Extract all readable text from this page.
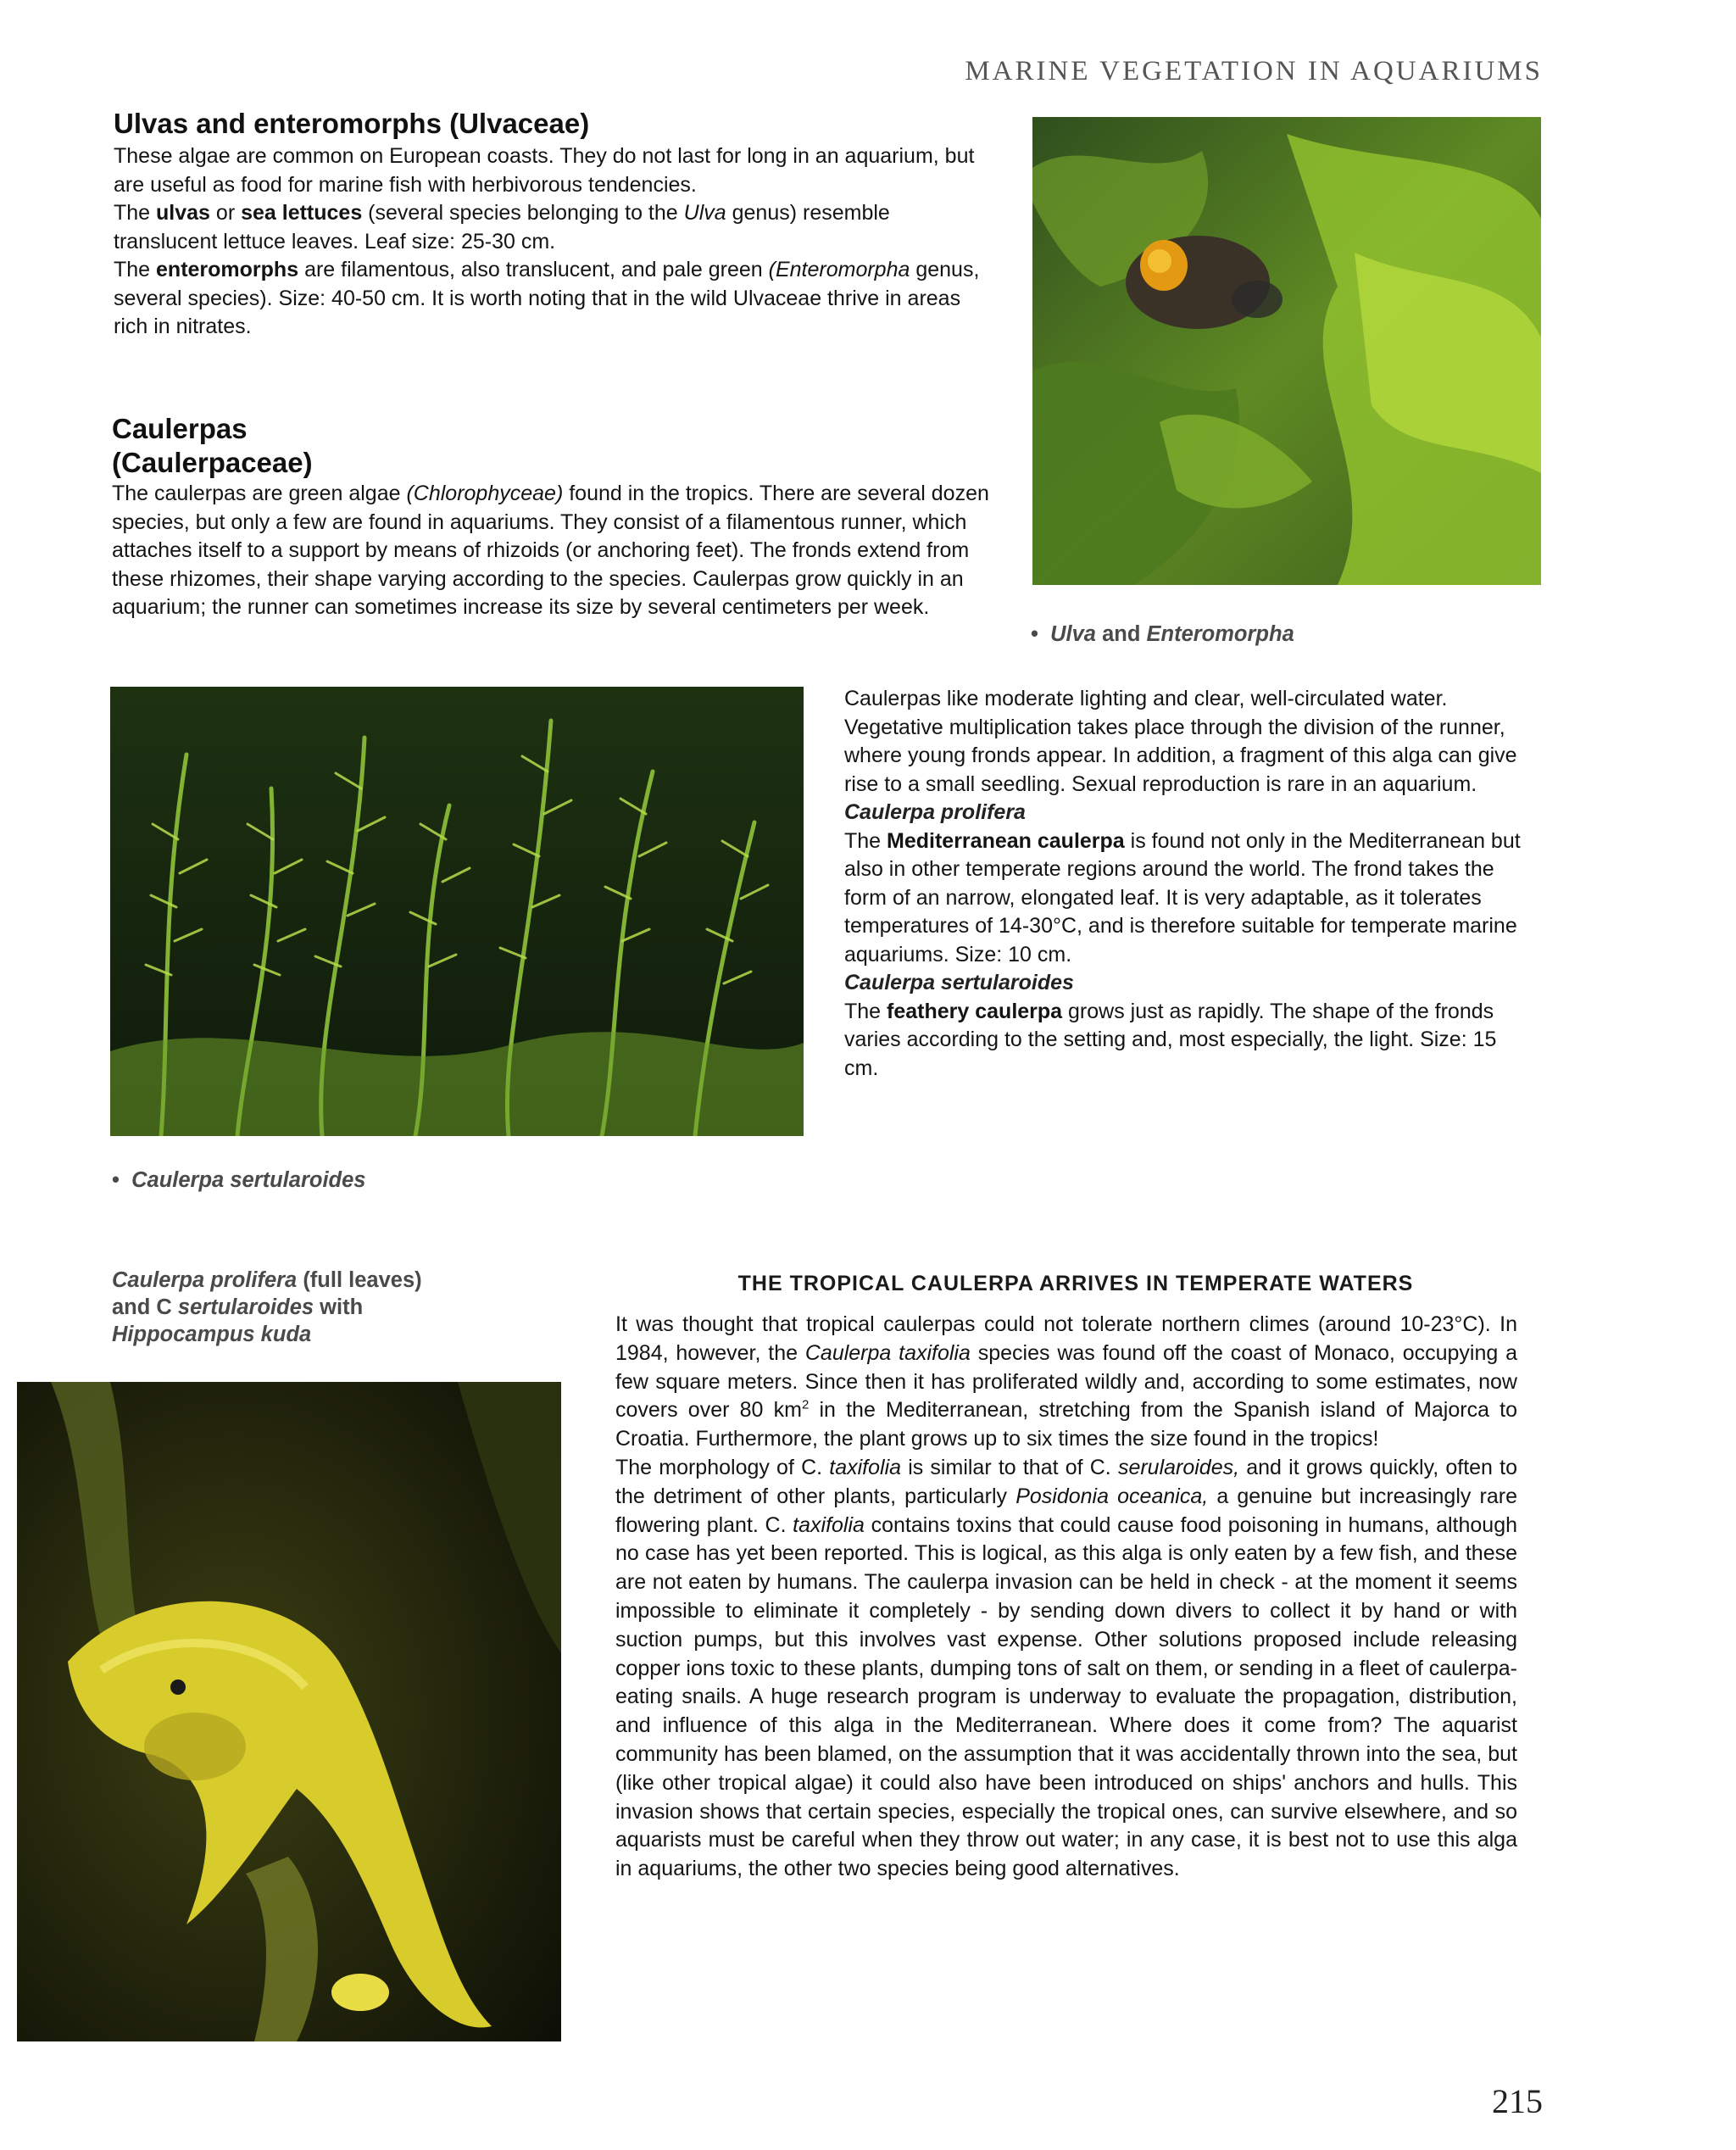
MARINE VEGETATION IN AQUARIUMS
Ulvas and enteromorphs (Ulvaceae)

These algae are common on European coasts. They do not last for long in an aquarium, but are useful as food for marine fish with herbivorous tendencies.

The ulvas or sea lettuces (several species belonging to the Ulva genus) resemble translucent lettuce leaves. Leaf size: 25-30 cm.

The enteromorphs are filamentous, also translucent, and pale green (Enteromorpha genus, several species). Size: 40-50 cm. It is worth noting that in the wild Ulvaceae thrive in areas rich in nitrates.

Caulerpas
(Caulerpaceae)

The caulerpas are green algae (Chlorophyceae) found in the tropics. There are several dozen species, but only a few are found in aquariums. They consist of a filamentous runner, which attaches itself to a support by means of rhizoids (or anchoring feet). The fronds extend from these rhizomes, their shape varying according to the species. Caulerpas grow quickly in an aquarium; the runner can sometimes increase its size by several centimeters per week.

• Ulva and Enteromorpha

Caulerpas like moderate lighting and clear, well-circulated water. Vegetative multiplication takes place through the division of the runner, where young fronds appear. In addition, a fragment of this alga can give rise to a small seedling. Sexual reproduction is rare in an aquarium.

Caulerpa prolifera

The Mediterranean caulerpa is found not only in the Mediterranean but also in other temperate regions around the world. The frond takes the form of an narrow, elongated leaf. It is very adaptable, as it tolerates temperatures of 14-30°C, and is therefore suitable for temperate marine aquariums. Size: 10 cm.

Caulerpa sertularoides

The feathery caulerpa grows just as rapidly. The shape of the fronds varies according to the setting and, most especially, the light. Size: 15 cm.

• Caulerpa sertularoides
Caulerpa prolifera (full leaves)
and C sertularoides with
Hippocampus kuda
THE TROPICAL CAULERPA ARRIVES IN TEMPERATE WATERS

It was thought that tropical caulerpas could not tolerate northern climes (around 10-23°C). In 1984, however, the Caulerpa taxifolia species was found off the coast of Monaco, occupying a few square meters. Since then it has proliferated wildly and, according to some estimates, now covers over 80 $km^2$ in the Mediterranean, stretching from the Spanish island of Majorca to Croatia. Furthermore, the plant grows up to six times the size found in the tropics!

The morphology of C. taxifolia is similar to that of C. serularoides, and it grows quickly, often to the detriment of other plants, particularly Posidonia oceanica, a genuine but increasingly rare flowering plant. C. taxifolia contains toxins that could cause food poisoning in humans, although no case has yet been reported. This is logical, as this alga is only eaten by a few fish, and these are not eaten by humans. The caulerpa invasion can be held in check - at the moment it seems impossible to eliminate it completely - by sending down divers to collect it by hand or with suction pumps, but this involves vast expense. Other solutions proposed include releasing copper ions toxic to these plants, dumping tons of salt on them, or sending in a fleet of caulerpa-eating snails. A huge research program is underway to evaluate the propagation, distribution, and influence of this alga in the Mediterranean. Where does it come from? The aquarist community has been blamed, on the assumption that it was accidentally thrown into the sea, but (like other tropical algae) it could also have been introduced on ships' anchors and hulls. This invasion shows that certain species, especially the tropical ones, can survive elsewhere, and so aquarists must be careful when they throw out water; in any case, it is best not to use this alga in aquariums, the other two species being good alternatives.

215
